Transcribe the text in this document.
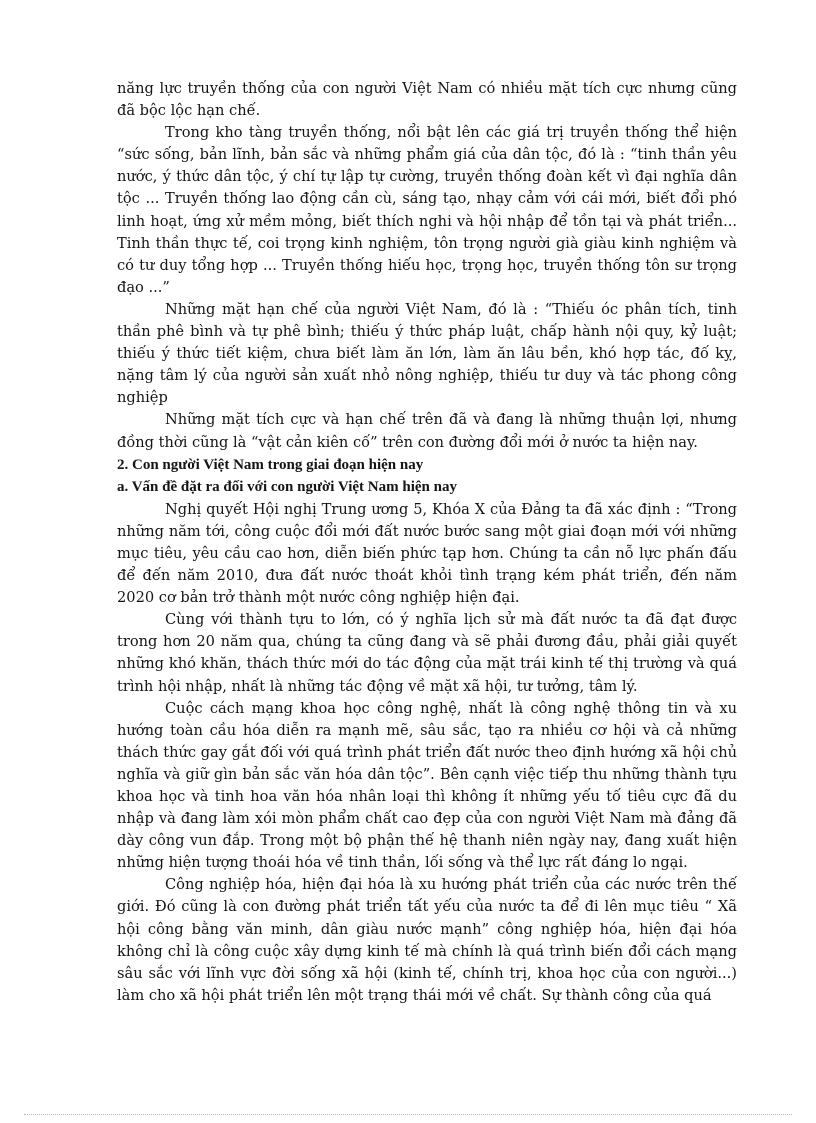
năng lực truyền thống của con người Việt Nam có nhiều mặt tích cực nhưng cũng đã bộc lộc hạn chế.

Trong kho tàng truyền thống, nổi bật lên các giá trị truyền thống thể hiện “sức sống, bản lĩnh, bản sắc và những phẩm giá của dân tộc, đó là : “tinh thần yêu nước, ý thức dân tộc, ý chí tự lập tự cường, truyền thống đoàn kết vì đại nghĩa dân tộc ... Truyền thống lao động cần cù, sáng tạo, nhạy cảm với cái mới, biết đổi phó linh hoạt, ứng xử mềm mỏng, biết thích nghi và hội nhập để tồn tại và phát triển... Tinh thần thực tế, coi trọng kinh nghiệm, tôn trọng người già giàu kinh nghiệm và có tư duy tổng hợp ... Truyền thống hiếu học, trọng học, truyền thống tôn sư trọng đạo ...”

Những mặt hạn chế của người Việt Nam, đó là : “Thiếu óc phân tích, tinh thần phê bình và tự phê bình; thiếu ý thức pháp luật, chấp hành nội quy, kỷ luật; thiếu ý thức tiết kiệm, chưa biết làm ăn lớn, làm ăn lâu bền, khó hợp tác, đố kỵ, nặng tâm lý của người sản xuất nhỏ nông nghiệp, thiếu tư duy và tác phong công nghiệp

Những mặt tích cực và hạn chế trên đã và đang là những thuận lợi, nhưng đồng thời cũng là “vật cản kiên cố” trên con đường đổi mới ở nước ta hiện nay.

2. Con người Việt Nam trong giai đoạn hiện nay
a. Vấn đề đặt ra đối với con người Việt Nam hiện nay

Nghị quyết Hội nghị Trung ương 5, Khóa X của Đảng ta đã xác định : “Trong những năm tới, công cuộc đổi mới đất nước bước sang một giai đoạn mới với những mục tiêu, yêu cầu cao hơn, diễn biến phức tạp hơn. Chúng ta cần nỗ lực phấn đấu để đến năm 2010, đưa đất nước thoát khỏi tình trạng kém phát triển, đến năm 2020 cơ bản trở thành một nước công nghiệp hiện đại.

Cùng với thành tựu to lớn, có ý nghĩa lịch sử mà đất nước ta đã đạt được trong hơn 20 năm qua, chúng ta cũng đang và sẽ phải đương đầu, phải giải quyết những khó khăn, thách thức mới do tác động của mặt trái kinh tế thị trường và quá trình hội nhập, nhất là những tác động về mặt xã hội, tư tưởng, tâm lý.

Cuộc cách mạng khoa học công nghệ, nhất là công nghệ thông tin và xu hướng toàn cầu hóa diễn ra mạnh mẽ, sâu sắc, tạo ra nhiều cơ hội và cả những thách thức gay gắt đối với quá trình phát triển đất nước theo định hướng xã hội chủ nghĩa và giữ gìn bản sắc văn hóa dân tộc”. Bên cạnh việc tiếp thu những thành tựu khoa học và tinh hoa văn hóa nhân loại thì không ít những yếu tố tiêu cực đã du nhập và đang làm xói mòn phẩm chất cao đẹp của con người Việt Nam mà đảng đã dày công vun đắp. Trong một bộ phận thế hệ thanh niên ngày nay, đang xuất hiện những hiện tượng thoái hóa về tinh thần, lối sống và thể lực rất đáng lo ngại.

Công nghiệp hóa, hiện đại hóa là xu hướng phát triển của các nước trên thế giới. Đó cũng là con đường phát triển tất yếu của nước ta để đi lên mục tiêu “ Xã hội công bằng văn minh, dân giàu nước mạnh” công nghiệp hóa, hiện đại hóa không chỉ là công cuộc xây dựng kinh tế mà chính là quá trình biến đổi cách mạng sâu sắc với lĩnh vực đời sống xã hội (kinh tế, chính trị, khoa học của con người...) làm cho xã hội phát triển lên một trạng thái mới về chất. Sự thành công của quá
